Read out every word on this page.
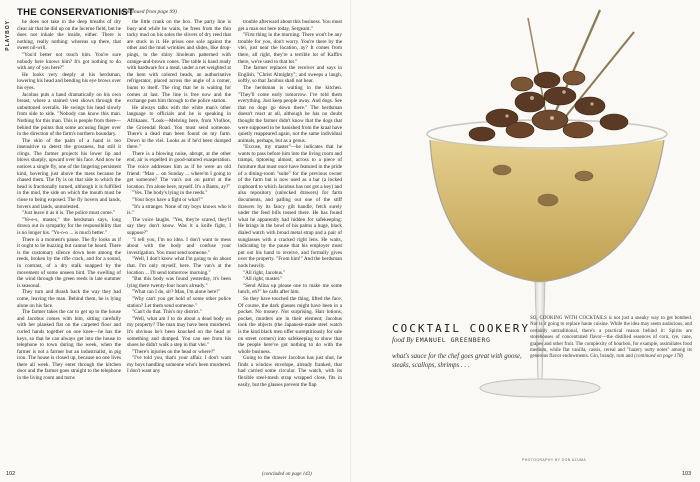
PLAYBOY
THE CONSERVATIONIST
(continued from page 99)

he does not take in the deep breaths of dry clear air that he did up on the lucerne field, but he does not inhale the inside, either. There is nothing, really nothing: whereas up there, that sweet nil-will.

"You'd better not touch him. You're sure nobody here knows him? It's got nothing to do with any of you here?"

He looks very deeply at his herdsman, lowering his head and bending his eye brows over his eyes.

Jacobus puts a hand dramatically on his own breast, where a stained vest shows through the unbuttoned overalls. He swings his head slowly from side to side. "Nobody can know this man. Nothing for this man. This is people from there—behind the points that some accusing finger over in the direction of the farm's northern boundary.

The skin of the palm of a hand is too insensitive to detect the grossness, but still it clings. The farmer projects his lower lip and blows sharply, upward over his face. And now he notices a single fly, one of the lingering persistent kind, hovering just above the mess because he chased them. The fly is on that side to which the head is fractionally turned, although it is fulfilled in the mud, the side on which the mouth must be close to being exposed. The fly hovers and lands, hovers and lands, unmolested.

"Just leave it as it is. The police must come."

"Ye-e-s, master," the herdsman says, long drawn out in sympathy for the responsibility that is no longer his. "Yo-o-o ... is much better."

There is a moment's pause. The fly looks as if it ought to be buzzing but cannot be heard. There is the customary silence down here among the reeds, broken by the rifle crack, and for a sound, in contrast, of a dry stalk snapped by the movement of some unseen bird. The swelling of the wind through the green reeds in late summer is seasonal.

They turn and thrash back the way they had come, leaving the man. Behind them, he is lying alone on his face.

The farmer takes the car to get up to the house and Jacobus comes with him, sitting carefully with her planked flat on the carpeted floor and curled hands together on one knee—he has the keys, so that he can always get into the house to telephone to town during the week, when the farmer is not a farmer but an industrialist, in pig iron. The house is closed up, because no one lives there all week. They enter through the kitchen door and the farmer goes straight to the telephone in the living room and turns

the little crank on the box. The party line is busy and while he waits, he frees from the thin tacky mud on his soles the slivers of dry reed that are stuck in it. He prises one sole against the other and the mud wrinkles and slides, like drop-pings, to the shiny linoleum patterned with orange-and-brown cones. The table is hand ready with hardware for a meal, under a net weighted at the hem with colored beads, an authoritative refrigerator, placed across the angle of a corner, hums to itself. The ring that he is waiting for comes at last. The line is free now and the exchange puts him through to the police station.

He always talks with the white man's other language to officials and he is speaking in Afrikaans. "Look—Mehring here, from Vlolhos, the Groendal Road. You must send someone. There's a dead man been found on my farm. Down in the vlei. Looks as if he'd been dumped there."

There is a blowing noise, abrupt, at the other end, air is expelled in good-natured exasperation. The voice addresses him as if he were an old friend: "Man ... on Sunday ... where'm I going to get someone? The van's out on patrol at the location. I'm alone here, myself. It's a Bantu, ay?"

"Yes. The body's lying in the reeds."

"Your boys have a fight or what?"

"It's a stranger. None of my boys knows who it is."

The voice laughs. "Yes, they're scared, they'll say they don't know. Was it a knife fight, I suppose?"

"I tell you, I'm no idea. I don't want to mess about with the body and confuse your investigation. You must send someone."

"Well, I don't know what I'm going to do about that. I'm only myself, here. The van's at the location ... I'll send tomorrow morning."

"But this body was found yesterday, it's been lying there twenty-four hours already."

"What can I do, sir? Man, I'm alone here!"

"Why can't you get hold of some other police station? Let them send someone."

"Can't do that. This's my district."

"Well, what am I to do about a dead body on my property? The man may have been murdered. It's obvious he's been knocked on the head or something and dumped. You can see from his shoes he didn't walk a step in that vlei."

"There's injuries on the head or where?"

"I've told you, that's your affair. I don't want my boys handling someone who's been murdered. I don't want any

trouble afterward about this business. You must get a man out here today, Sergeant."

"First thing in the morning. There won't be any trouble for you, don't worry. You're there by the vlei, just near the location, ay? It comes from there, all right, they're a terrible lot of Kaffirs there, we're used to that lot."

The farmer replaces the receiver and says in English, "Christ Almighty"; and sweeps a laugh, softly, so that Jacobus shall not hear.

The herdsman is waiting in the kitchen. "They'll come early tomorrow. I've told them everything. Just keep people away. And dogs. See that no dogs go down there." The herdsman doesn't react at all, although he has no doubt thought the farmer didn't know that the dogs that were supposed to be banished from the kraal have quietly reappeared again, not the same individual animals, perhaps, but as a genus.

"Excuse, my master"—he indicates that he wants to pass before him into the living room and tramps, tiptoeing almost, across to a piece of furniture that must once have featured in the pride of a dining-room "suite" for the previous owner of the farm but is now used as a bar (a locked cupboard to which Jacobus has not got a key) and also repository (unlocked drawers) for farm documents, and palling out one of the stiff drawers by its fancy gilt handle, fetch surely under the feed bills tossed there. He has found what he apparently had hidden for safekeeping: He brings in the bowl of his palms a huge, black dialed watch with broad metal strap and a pair of sunglasses with a cracked right lens. He waits, indicating by the pause that his employer must put out his hand to receive, and formally gives over the property. "From him!" And the herdsman nods heavily.

"All right, Jacobus."

"All right, master."

"Send Alina up please one to make me some lunch, eh?" he calls after him.

So they have touched the thing, lifted the face. Of course, the dark glasses might have been in a pocket. No money. Not surprising. Hair lotions, pocket, murders are in their element; Jacobus took the objects (the Japanese-made steel watch is the kind black men offer surreptitiously for sale on street corners) into safekeeping to show that the people here've got nothing to do with the whole business.

Going to the drawer Jacobus has just shut, he finds a window envelope, already franked, that had carried some circular. The watch, with its flexible steel-mesh strap wrapped close, fits in easily, but the glasses prevent the flap

102	(concluded on page 143)
COCKTAIL COOKERY
food By EMANUEL GREENBERG
what's sauce for the chef goes great with goose, steaks, scallops, shrimps . . .
SO, COOKING WITH COCKTAILS is not just a sneaky way to get bombed. Nor is it going to replace haute cuisine. While the idea may seem audacious, and certainly untraditional, there's a practical reason behind it: Spirits are storehouses of concentrated flavor—the distilled essences of corn, rye, cane, grapes and other fruit. The complexity of bourbon, for example, assimilates food medium, while flat vanilla, cassis, cereal and "hazery nutty notes" among its generous flavor endowments. Gin, brandy, rum and (continued on page 178)
PHOTOGRAPHY BY DON AZUMA
103
